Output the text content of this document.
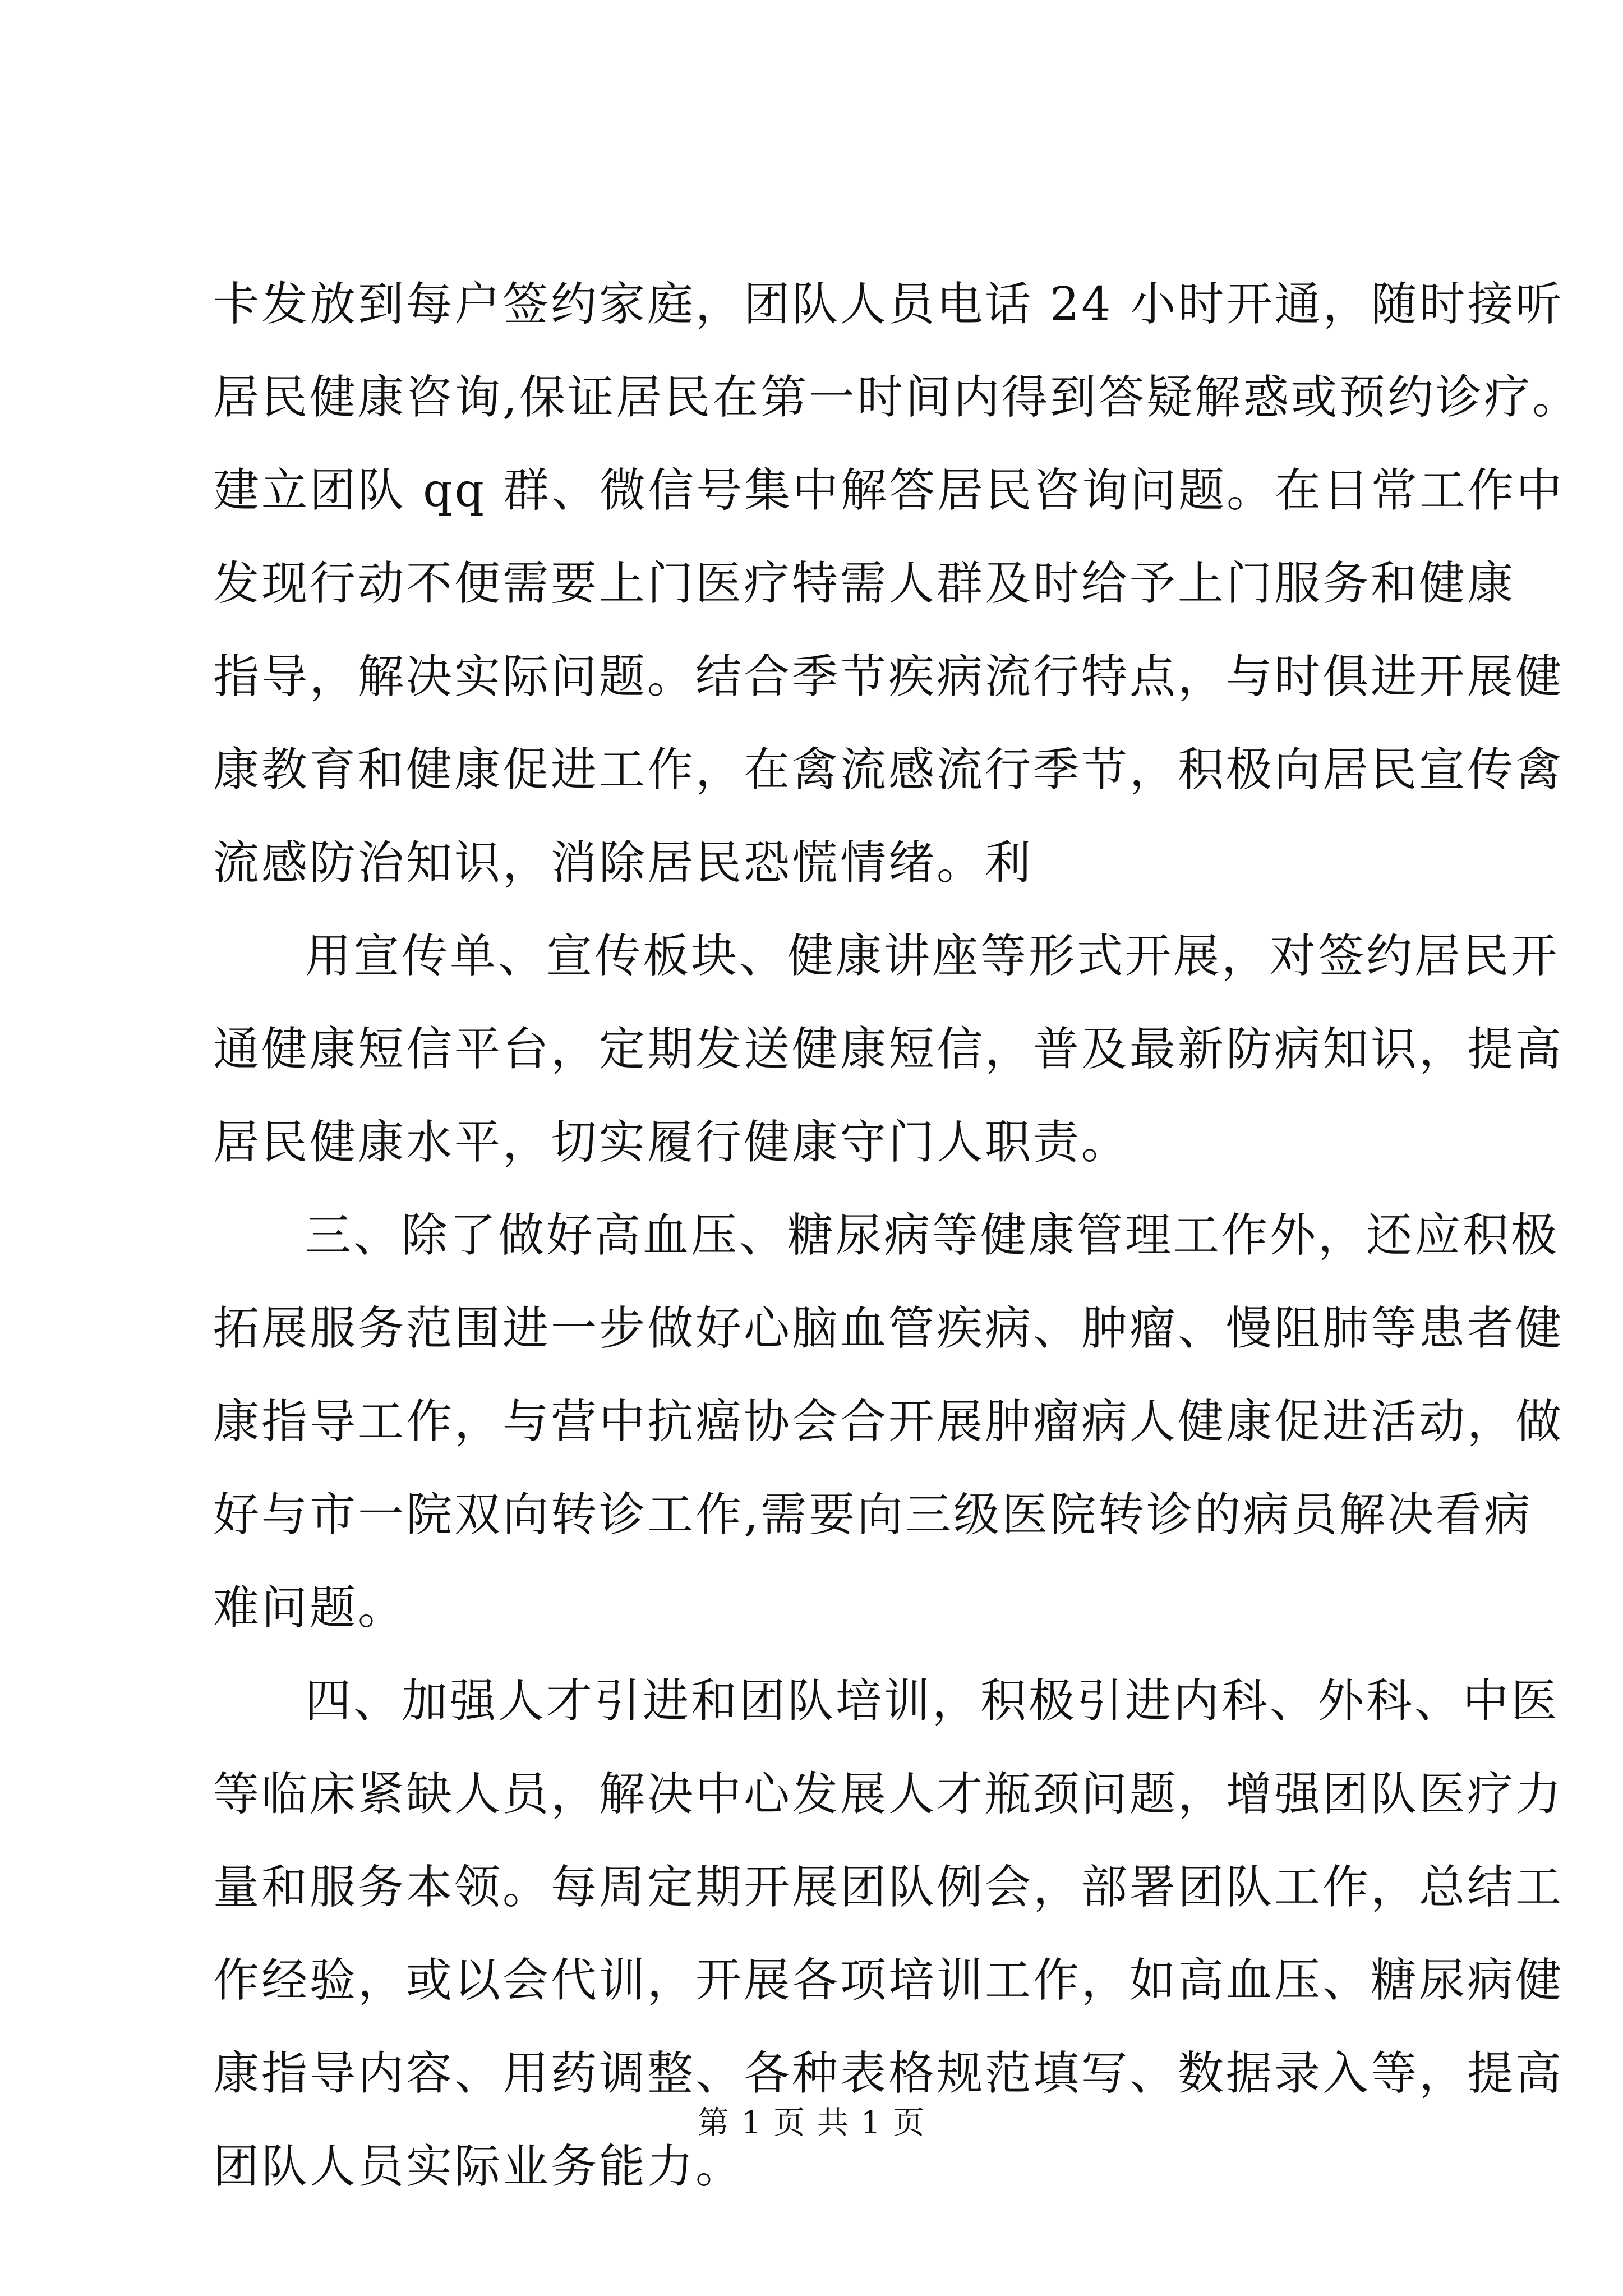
卡发放到每户签约家庭，团队人员电话 24 小时开通，随时接听
居民健康咨询,保证居民在第一时间内得到答疑解惑或预约诊疗。
建立团队 qq 群、微信号集中解答居民咨询问题。在日常工作中
发现行动不便需要上门医疗特需人群及时给予上门服务和健康
指导，解决实际问题。结合季节疾病流行特点，与时俱进开展健
康教育和健康促进工作，在禽流感流行季节，积极向居民宣传禽
流感防治知识，消除居民恐慌情绪。利
用宣传单、宣传板块、健康讲座等形式开展，对签约居民开
通健康短信平台，定期发送健康短信，普及最新防病知识，提高
居民健康水平，切实履行健康守门人职责。
三、除了做好高血压、糖尿病等健康管理工作外，还应积极
拓展服务范围进一步做好心脑血管疾病、肿瘤、慢阻肺等患者健
康指导工作，与营中抗癌协会合开展肿瘤病人健康促进活动，做
好与市一院双向转诊工作,需要向三级医院转诊的病员解决看病
难问题。
四、加强人才引进和团队培训，积极引进内科、外科、中医
等临床紧缺人员，解决中心发展人才瓶颈问题，增强团队医疗力
量和服务本领。每周定期开展团队例会，部署团队工作，总结工
作经验，或以会代训，开展各项培训工作，如高血压、糖尿病健
康指导内容、用药调整、各种表格规范填写、数据录入等，提高
团队人员实际业务能力。
第 1 页 共 1 页
